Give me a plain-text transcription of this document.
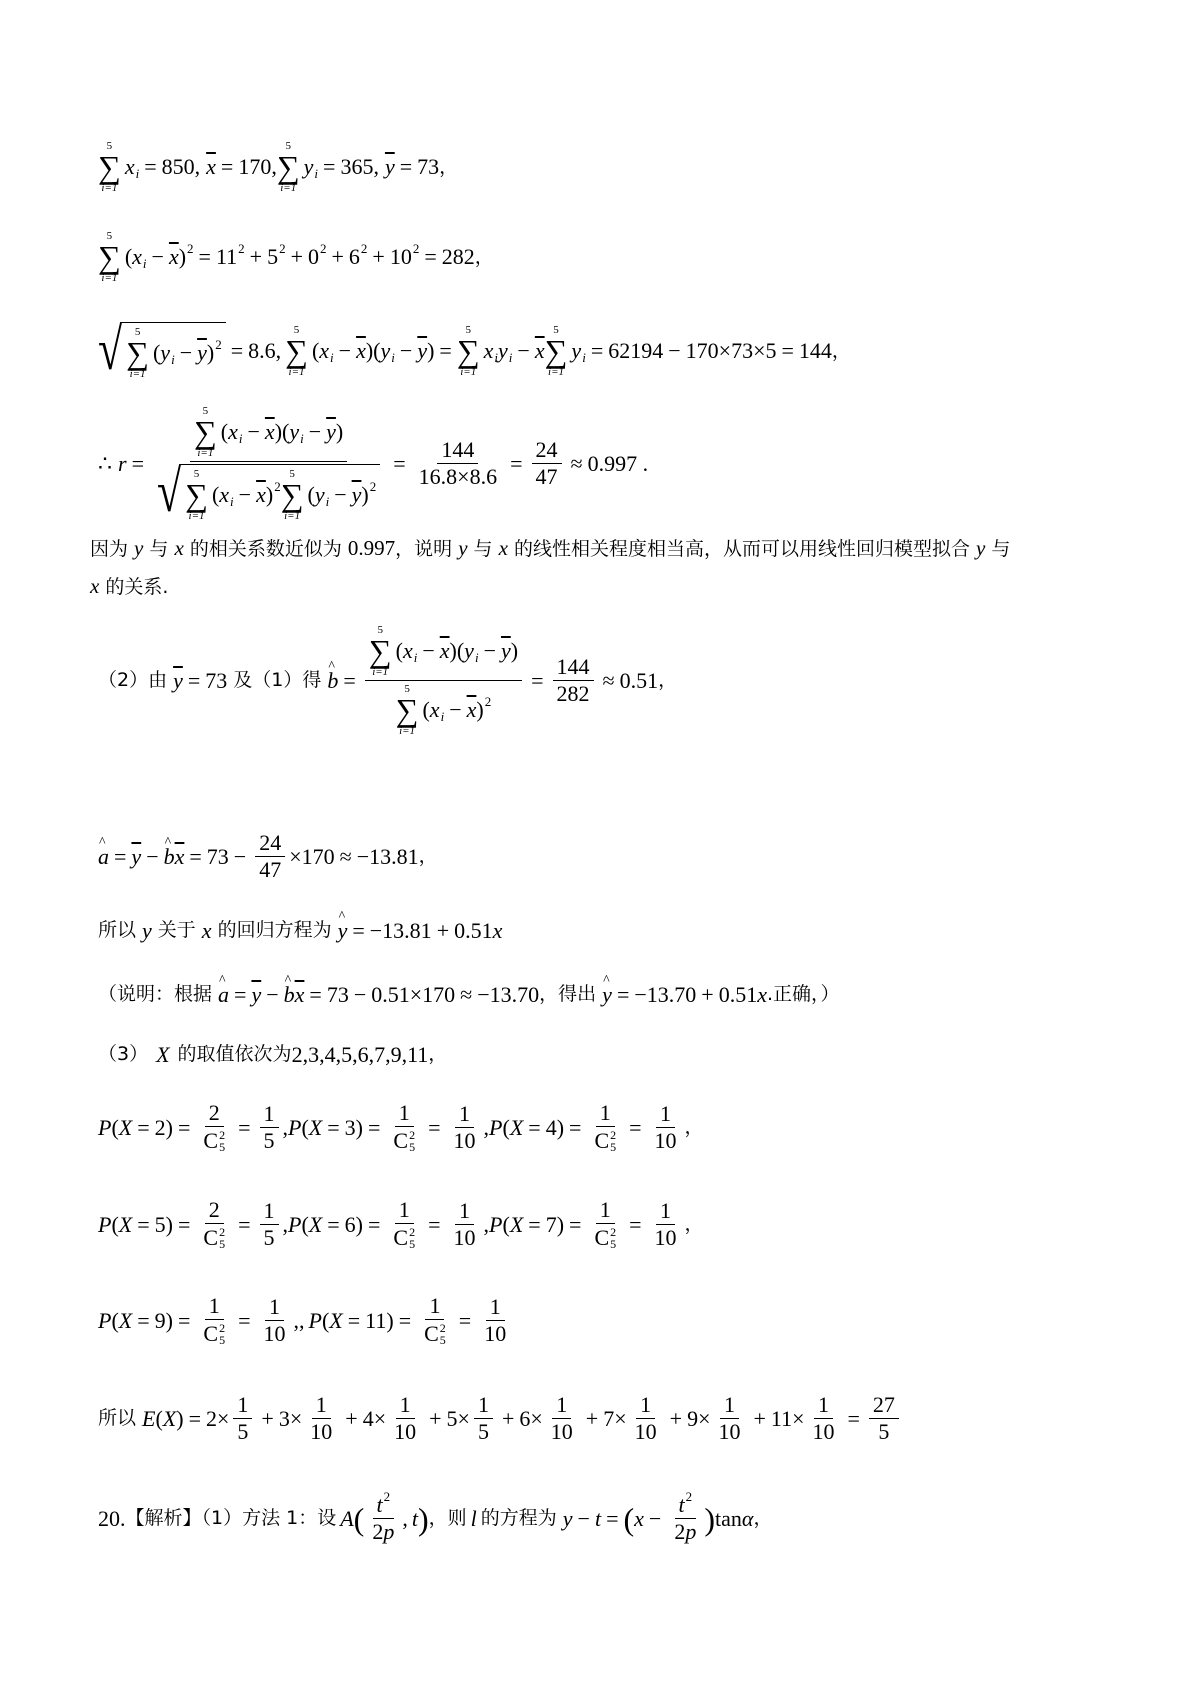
5
∑
i=1
x i = 850, $\overline{x} = 170$,
5
∑
i=1
y i = 365, $\overline{y} = 73$ ，
5
∑
i=1
( x $i - \overline{x}$ ) 2 = 11 2 + 5 2 + 0 2 + 6 2 + 10 2 = 282 ，
√ 5
∑
i=1
( y $i - \overline{y}$ ) 2 = 8.6,
5
∑
i=1
( x $i - \overline{x}$ )( y $i - \overline{y}$ ) =
5
∑
i=1
x i y $i - \overline{x}$
5
∑
i=1
y i = 62194 − 170×73×5 = 144 ，
∴ r =
5
∑
i=1
( x $i - \overline{x}$ )( y $i - \overline{y}$ )
√ 5
∑
i=1
( x $i - \overline{x}$ ) 2
5
∑
i=1
( y $i - \overline{y}$ ) 2
= $\frac{144}{16.8\times 8.6} = \frac{24}{47} \approx 0.997$ .
因为 y 与 x 的相关系数近似为 0.997，说明 y 与 x 的线性相关程度相当高，从而可以用线性回归模型拟合 y 与
x 的关系.
（2）由 $\overline{y} = 73$ 及（1）得 ^ b = 5
∑
i=1
( x $i - \overline{x}$ )( y $i - \overline{y}$ )
5
∑
i=1
( x $i - \overline{x}$ ) $2 = \frac{144}{282} \approx 0.51$ ，
^ $a = \overline{y}$ − ^ b $\overline{x} = 73 - \frac{24}{47} \times 170 \approx -13.81$ ，
所以 y 关于 x 的回归方程为 ^ y = −13.81 + 0.51 x
（说明：根据 ^ $a = \overline{y}$ − ^ b $\overline{x} = 73 - 0.51\times 170 \approx -13.70$ ，得出 ^ y = −13.70 + 0.51 x .正确，）
（3） X 的取值依次为 2,3,4,5,6,7,9,11 ，
P ( X = 2) = 2
C 2
$5 = \frac{1}{5}$ , P ( X = 3) = 1
C 2
$5 = \frac{1}{10}$ , P ( X = 4) = 1
C 2
$5 = \frac{1}{10}$ ，
P ( X = 5) = 2
C 2
$5 = \frac{1}{5}$ , P ( X = 6) = 1
C 2
$5 = \frac{1}{10}$ , P ( X = 7) = 1
C 2
$5 = \frac{1}{10}$ ，
P ( X = 9) = 1
C 2
$5 = \frac{1}{10}$ ,, P ( X = 11) = 1
C 2
$5 = \frac{1}{10}$
所以 E ( X ) = $2\times \frac{1}{5} + 3\times \frac{1}{10} + 4\times \frac{1}{10} + 5\times \frac{1}{5} + 6\times \frac{1}{10} + 7\times \frac{1}{10} + 9\times \frac{1}{10} + 11\times \frac{1}{10} = \frac{27}{5}$
20. 【解析】（1）方法 1：设 A ( t 2
2 p
, t ) ，则 l 的方程为 y − t = ( $x - \frac{t 2}{2 p}$ ) tan α ，
